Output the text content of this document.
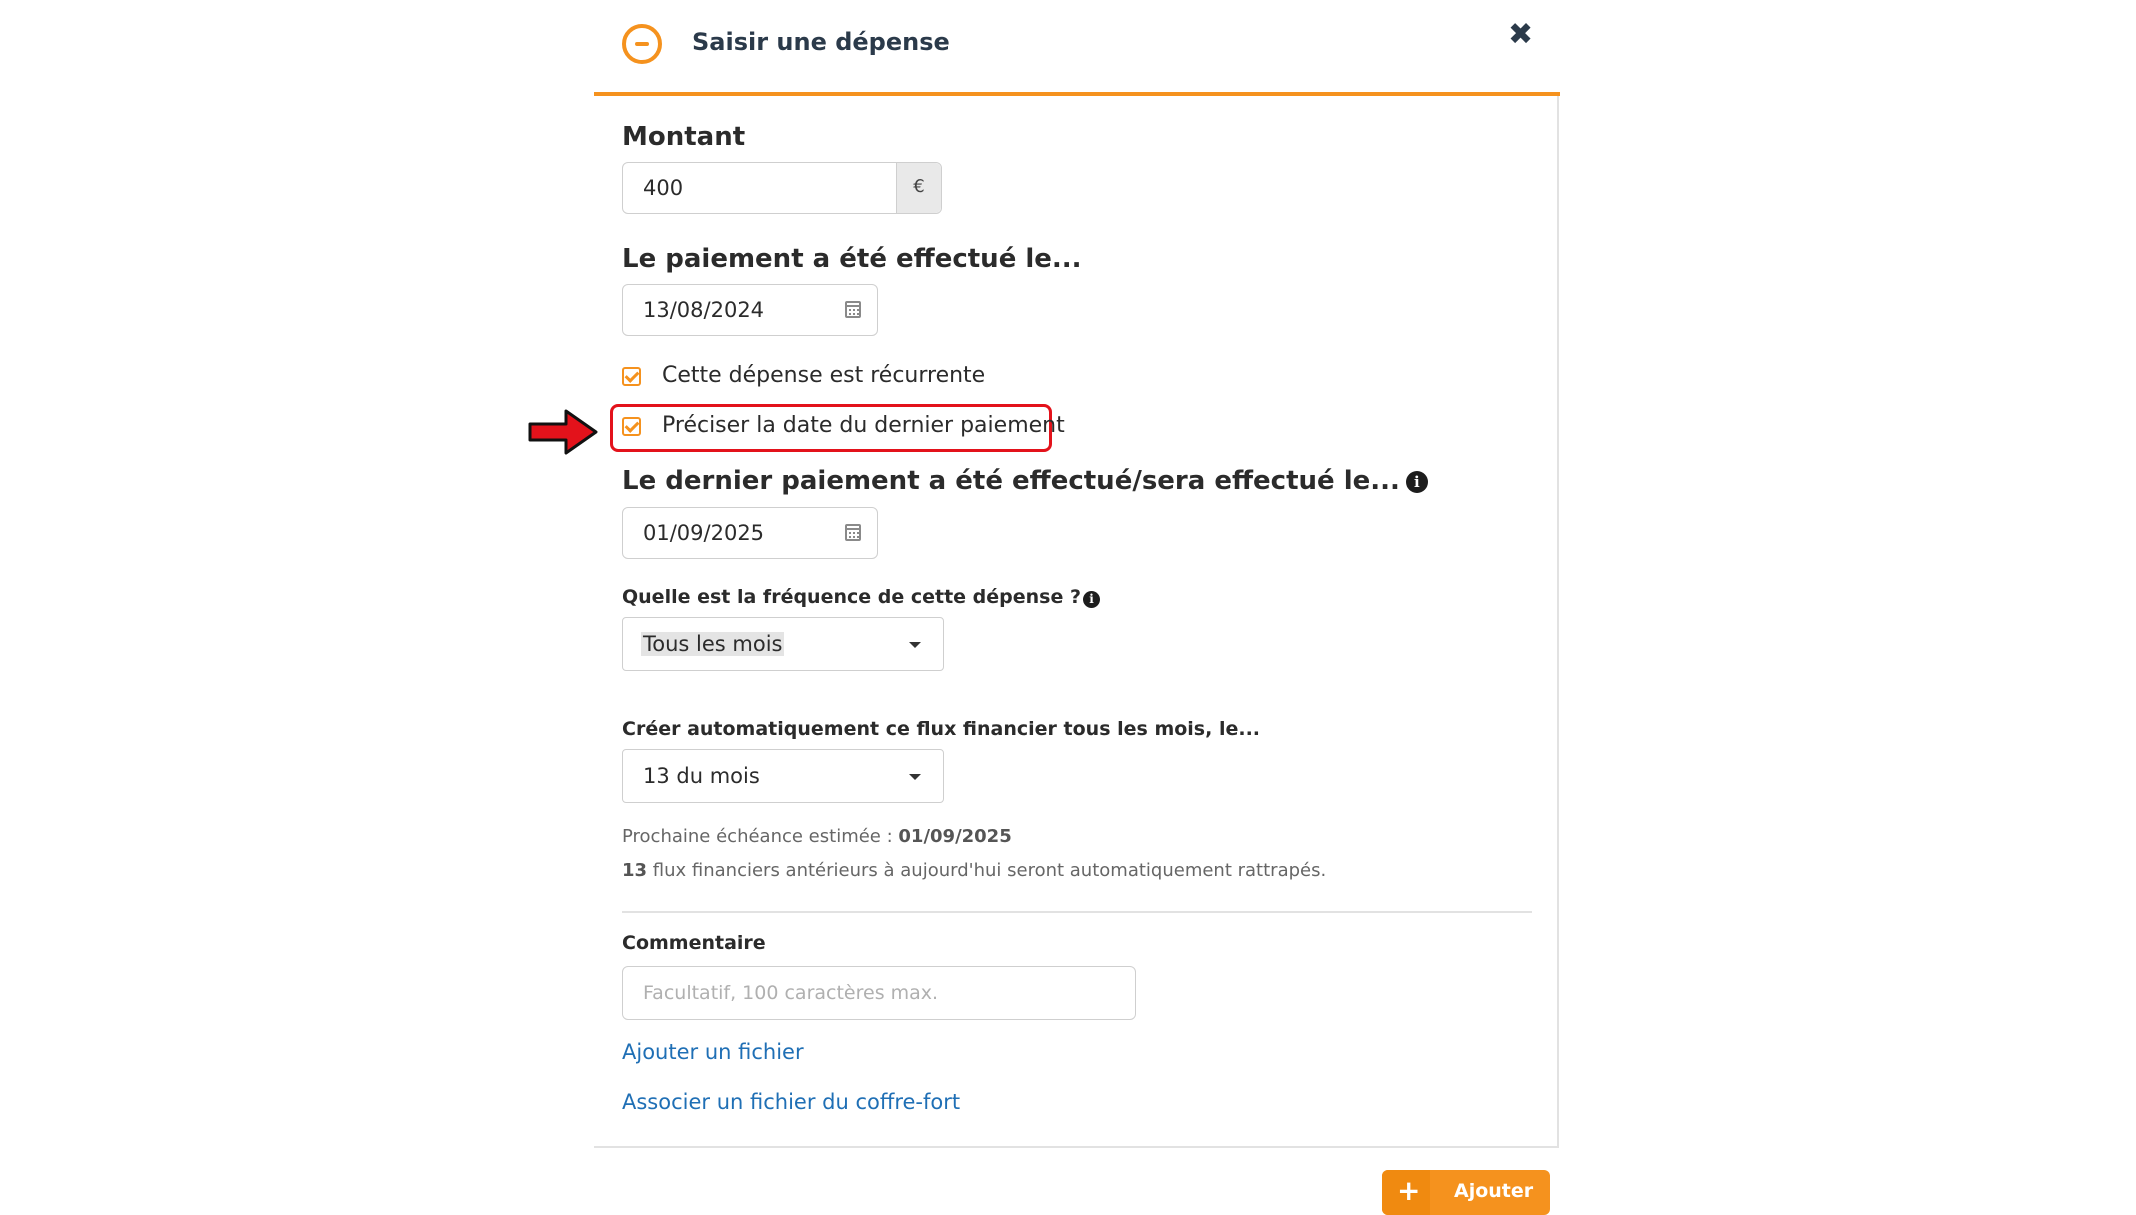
Saisir une dépense	✖
Montant
400	€
Le paiement a été effectué le...
13/08/2024
Cette dépense est récurrente
Préciser la date du dernier paiement
Le dernier paiement a été effectué/sera effectué le... i
01/09/2025
Quelle est la fréquence de cette dépense ? i
Tous les mois
Créer automatiquement ce flux financier tous les mois, le...
13 du mois
Prochaine échéance estimée : 01/09/2025
13 flux financiers antérieurs à aujourd'hui seront automatiquement rattrapés.
Commentaire
Facultatif, 100 caractères max.
Ajouter un fichier
Associer un fichier du coffre-fort
+ Ajouter
